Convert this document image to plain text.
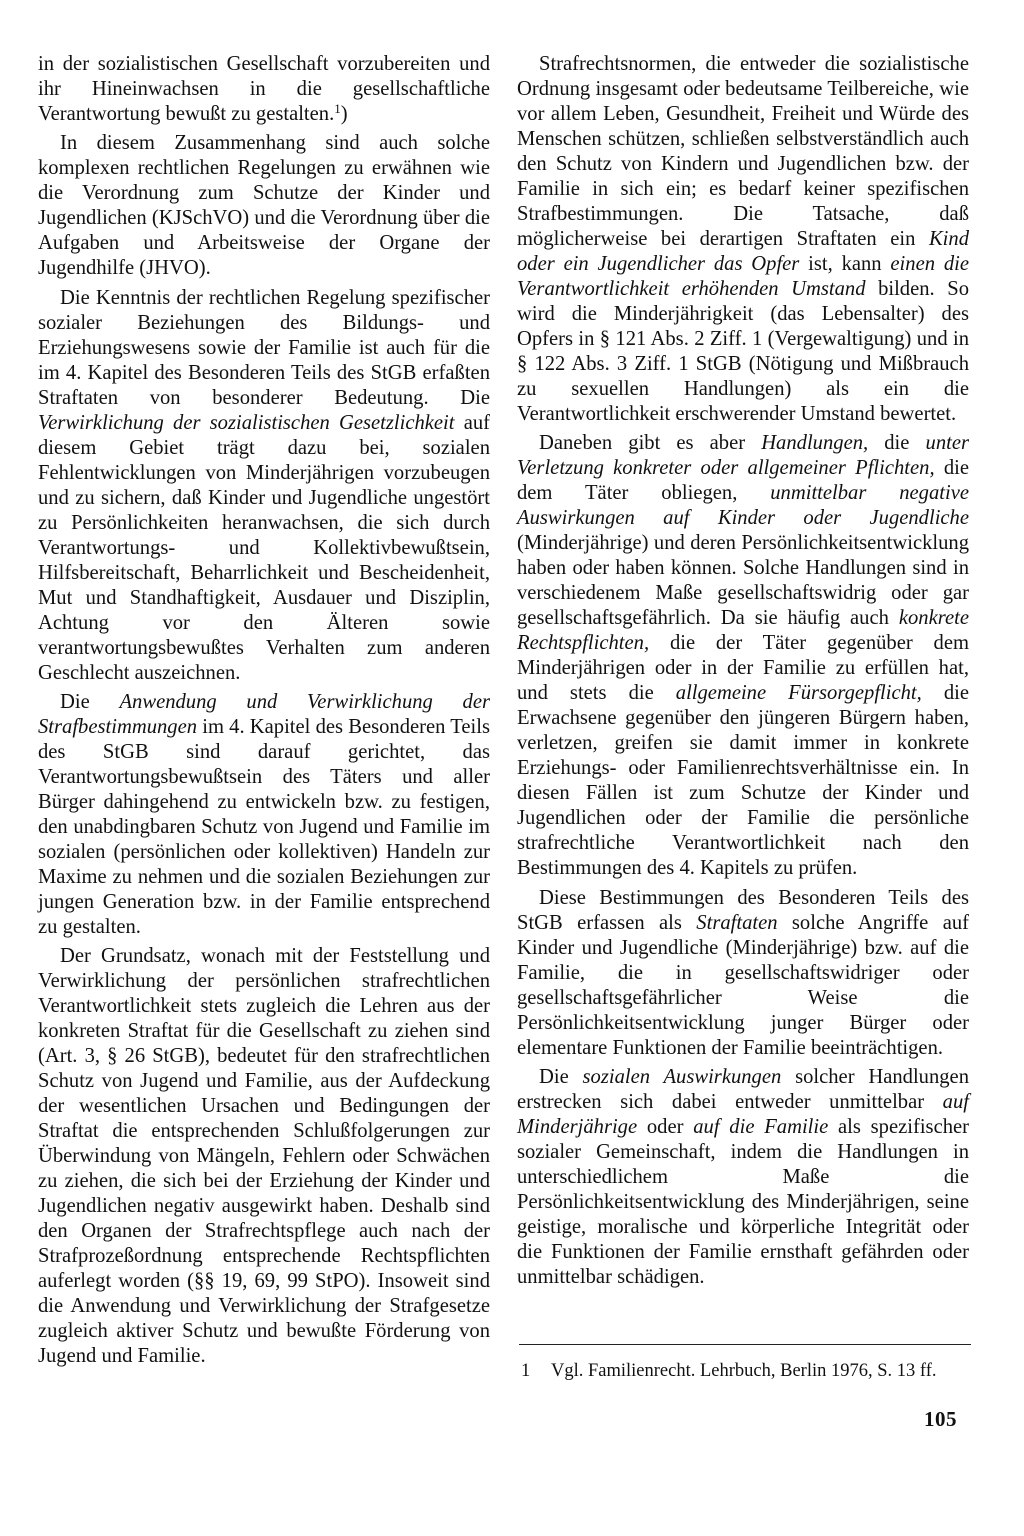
in der sozialistischen Gesellschaft vorzubereiten und ihr Hineinwachsen in die gesellschaftliche Verantwortung bewußt zu gestalten.$^1$)

In diesem Zusammenhang sind auch solche komplexen rechtlichen Regelungen zu erwähnen wie die Verordnung zum Schutze der Kinder und Jugendlichen (KJSchVO) und die Verordnung über die Aufgaben und Arbeitsweise der Organe der Jugendhilfe (JHVO).

Die Kenntnis der rechtlichen Regelung spezifischer sozialer Beziehungen des Bildungs- und Erziehungswesens sowie der Familie ist auch für die im 4. Kapitel des Besonderen Teils des StGB erfaßten Straftaten von besonderer Bedeutung. Die Verwirklichung der sozialistischen Gesetzlichkeit auf diesem Gebiet trägt dazu bei, sozialen Fehlentwicklungen von Minderjährigen vorzubeugen und zu sichern, daß Kinder und Jugendliche ungestört zu Persönlichkeiten heranwachsen, die sich durch Verantwortungs- und Kollektivbewußtsein, Hilfsbereitschaft, Beharrlichkeit und Bescheidenheit, Mut und Standhaftigkeit, Ausdauer und Disziplin, Achtung vor den Älteren sowie verantwortungsbewußtes Verhalten zum anderen Geschlecht auszeichnen.

Die Anwendung und Verwirklichung der Strafbestimmungen im 4. Kapitel des Besonderen Teils des StGB sind darauf gerichtet, das Verantwortungsbewußtsein des Täters und aller Bürger dahingehend zu entwickeln bzw. zu festigen, den unabdingbaren Schutz von Jugend und Familie im sozialen (persönlichen oder kollektiven) Handeln zur Maxime zu nehmen und die sozialen Beziehungen zur jungen Generation bzw. in der Familie entsprechend zu gestalten.

Der Grundsatz, wonach mit der Feststellung und Verwirklichung der persönlichen strafrechtlichen Verantwortlichkeit stets zugleich die Lehren aus der konkreten Straftat für die Gesellschaft zu ziehen sind (Art. 3, § 26 StGB), bedeutet für den strafrechtlichen Schutz von Jugend und Familie, aus der Aufdeckung der wesentlichen Ursachen und Bedingungen der Straftat die entsprechenden Schlußfolgerungen zur Überwindung von Mängeln, Fehlern oder Schwächen zu ziehen, die sich bei der Erziehung der Kinder und Jugendlichen negativ ausgewirkt haben. Deshalb sind den Organen der Strafrechtspflege auch nach der Strafprozeßordnung entsprechende Rechtspflichten auferlegt worden (§§ 19, 69, 99 StPO). Insoweit sind die Anwendung und Verwirklichung der Strafgesetze zugleich aktiver Schutz und bewußte Förderung von Jugend und Familie.

Strafrechtsnormen, die entweder die sozialistische Ordnung insgesamt oder bedeutsame Teilbereiche, wie vor allem Leben, Gesundheit, Freiheit und Würde des Menschen schützen, schließen selbstverständlich auch den Schutz von Kindern und Jugendlichen bzw. der Familie in sich ein; es bedarf keiner spezifischen Strafbestimmungen. Die Tatsache, daß möglicherweise bei derartigen Straftaten ein Kind oder ein Jugendlicher das Opfer ist, kann einen die Verantwortlichkeit erhöhenden Umstand bilden. So wird die Minderjährigkeit (das Lebensalter) des Opfers in § 121 Abs. 2 Ziff. 1 (Vergewaltigung) und in § 122 Abs. 3 Ziff. 1 StGB (Nötigung und Mißbrauch zu sexuellen Handlungen) als ein die Verantwortlichkeit erschwerender Umstand bewertet.

Daneben gibt es aber Handlungen, die unter Verletzung konkreter oder allgemeiner Pflichten, die dem Täter obliegen, unmittelbar negative Auswirkungen auf Kinder oder Jugendliche (Minderjährige) und deren Persönlichkeitsentwicklung haben oder haben können. Solche Handlungen sind in verschiedenem Maße gesellschaftswidrig oder gar gesellschaftsgefährlich. Da sie häufig auch konkrete Rechtspflichten, die der Täter gegenüber dem Minderjährigen oder in der Familie zu erfüllen hat, und stets die allgemeine Fürsorgepflicht, die Erwachsene gegenüber den jüngeren Bürgern haben, verletzen, greifen sie damit immer in konkrete Erziehungs- oder Familienrechtsverhältnisse ein. In diesen Fällen ist zum Schutze der Kinder und Jugendlichen oder der Familie die persönliche strafrechtliche Verantwortlichkeit nach den Bestimmungen des 4. Kapitels zu prüfen.

Diese Bestimmungen des Besonderen Teils des StGB erfassen als Straftaten solche Angriffe auf Kinder und Jugendliche (Minderjährige) bzw. auf die Familie, die in gesellschaftswidriger oder gesellschaftsgefährlicher Weise die Persönlichkeitsentwicklung junger Bürger oder elementare Funktionen der Familie beeinträchtigen.

Die sozialen Auswirkungen solcher Handlungen erstrecken sich dabei entweder unmittelbar auf Minderjährige oder auf die Familie als spezifischer sozialer Gemeinschaft, indem die Handlungen in unterschiedlichem Maße die Persönlichkeitsentwicklung des Minderjährigen, seine geistige, moralische und körperliche Integrität oder die Funktionen der Familie ernsthaft gefährden oder unmittelbar schädigen.

1 Vgl. Familienrecht. Lehrbuch, Berlin 1976, S. 13 ff.
105
